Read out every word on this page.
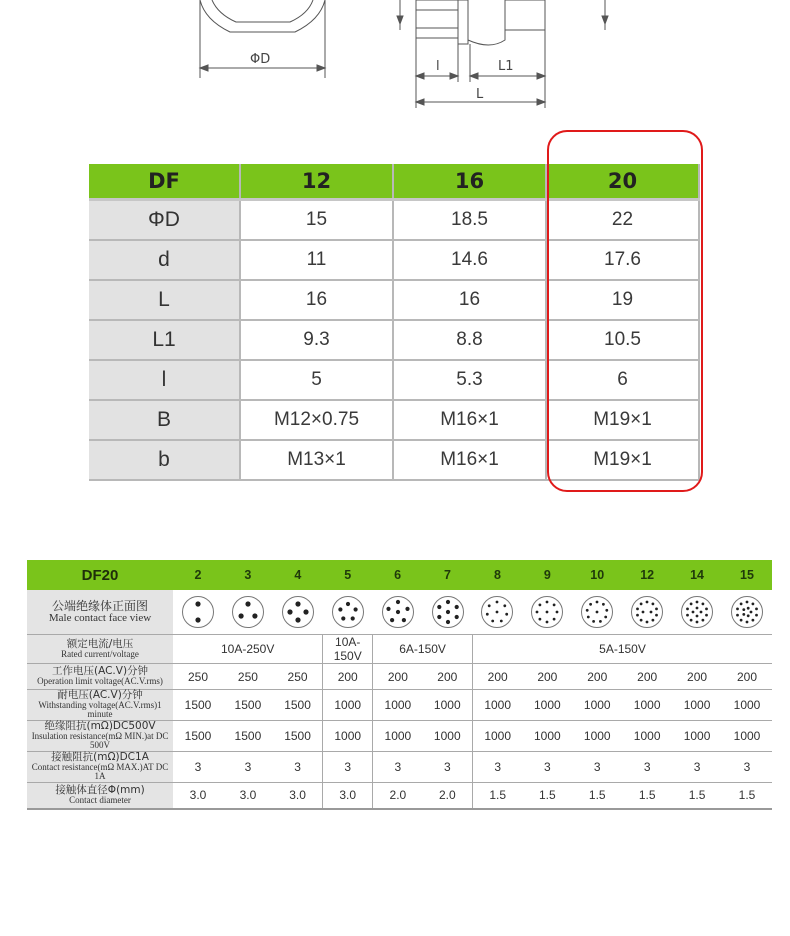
ΦD	l	L1
L
DF	12	16	20
ΦD	15	18.5	22
d	11	14.6	17.6
L	16	16	19
L1	9.3	8.8	10.5
l	5	5.3	6
B	M12×0.75	M16×1	M19×1
b	M13×1	M16×1	M19×1
DF20	2	3	4	5	6	7	8	9	10	12	14	15

公端绝缘体正面图
Male contact face view

额定电流/电压
Rated current/voltage	10A-250V			10A-150V	6A-150V		5A-150V					

工作电压(AC.V)分钟
Operation limit voltage(AC.V.rms)	250	250	250	200	200	200	200	200	200	200	200	200

耐电压(AC.V)分钟
Withstanding voltage(AC.V.rms)1 minute	1500	1500	1500	1000	1000	1000	1000	1000	1000	1000	1000	1000

绝缘阻抗(mΩ)DC500V
Insulation resistance(mΩ MIN.)at DC 500V	1500	1500	1500	1000	1000	1000	1000	1000	1000	1000	1000	1000

接触阻抗(mΩ)DC1A
Contact resistance(mΩ MAX.)AT DC 1A	3	3	3	3	3	3	3	3	3	3	3	3

接触体直径Φ(mm)
Contact diameter	3.0	3.0	3.0	3.0	2.0	2.0	1.5	1.5	1.5	1.5	1.5	1.5
